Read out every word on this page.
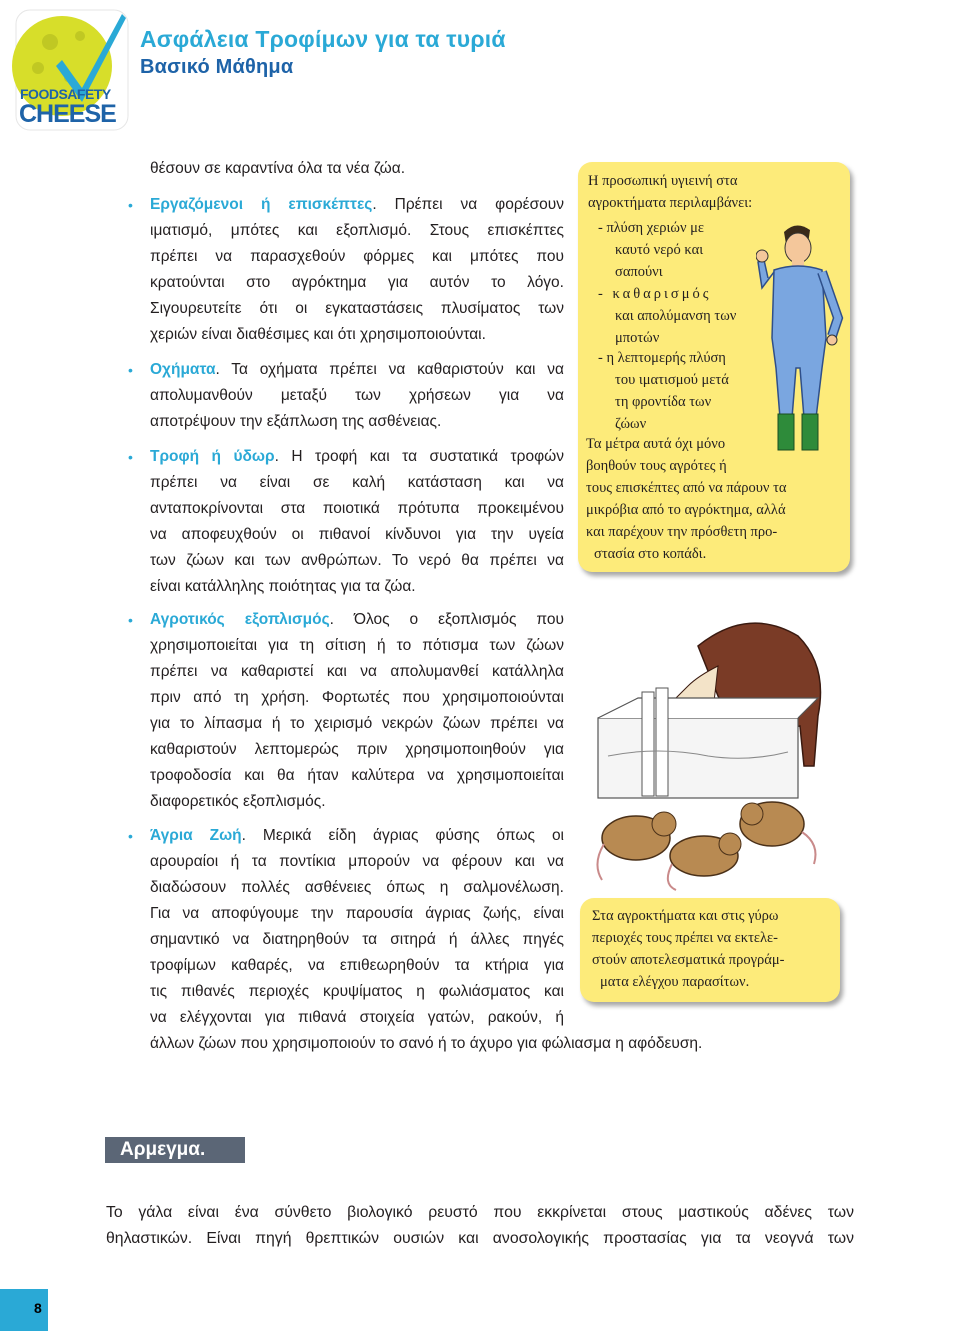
FOODSAFETY
CHEESE
Ασφάλεια Τροφίμων για τα τυριά
Βασικό Μάθημα
θέσουν σε καραντίνα όλα τα νέα ζώα.
• Εργαζόμενοι ή επισκέπτες. Πρέπει να φορέσουν
ιματισμό, μπότες και εξοπλισμό. Στους επισκέπτες
πρέπει να παρασχεθούν φόρμες και μπότες που
κρατούνται στο αγρόκτημα για αυτόν το λόγο.
Σιγουρευτείτε ότι οι εγκαταστάσεις πλυσίματος των
χεριών είναι διαθέσιμες και ότι χρησιμοποιούνται.
• Οχήματα. Τα οχήματα πρέπει να καθαριστούν και να
απολυμανθούν μεταξύ των χρήσεων για να
αποτρέψουν την εξάπλωση της ασθένειας.
• Τροφή ή ύδωρ. Η τροφή και τα συστατικά τροφών
πρέπει να είναι σε καλή κατάσταση και να
ανταποκρίνονται στα ποιοτικά πρότυπα προκειμένου
να αποφευχθούν οι πιθανοί κίνδυνοι για την υγεία
των ζώων και των ανθρώπων. Το νερό θα πρέπει να
είναι κατάλληλης ποιότητας για τα ζώα.
• Αγροτικός εξοπλισμός. Όλος ο εξοπλισμός που
χρησιμοποιείται για τη σίτιση ή το πότισμα των ζώων
πρέπει να καθαριστεί και να απολυμανθεί κατάλληλα
πριν από τη χρήση. Φορτωτές που χρησιμοποιούνται
για το λίπασμα ή το χειρισμό νεκρών ζώων πρέπει να
καθαριστούν λεπτομερώς πριν χρησιμοποιηθούν για
τροφοδοσία και θα ήταν καλύτερα να χρησιμοποιείται
διαφορετικός εξοπλισμός.
• Άγρια Ζωή. Μερικά είδη άγριας φύσης όπως οι
αρουραίοι ή τα ποντίκια μπορούν να φέρουν και να
διαδώσουν πολλές ασθένειες όπως η σαλμονέλωση.
Για να αποφύγουμε την παρουσία άγριας ζωής, είναι
σημαντικό να διατηρηθούν τα σιτηρά ή άλλες πηγές
τροφίμων καθαρές, να επιθεωρηθούν τα κτήρια για
τις πιθανές περιοχές κρυψίματος η φωλιάσματος και
να ελέγχονται για πιθανά στοιχεία γατών, ρακούν, ή
άλλων ζώων που χρησιμοποιούν το σανό ή το άχυρο για φώλιασμα η αφόδευση.
Η προσωπική υγιεινή στα
αγροκτήματα περιλαμβάνει:
- πλύση χεριών με
καυτό νερό και
σαπούνι
- καθαρισμός
και απολύμανση των
μποτών
- η λεπτομερής πλύση
του ιματισμού μετά
τη φροντίδα των
ζώων
Τα μέτρα αυτά όχι μόνο
βοηθούν τους αγρότες ή
τους επισκέπτες από να πάρουν τα
μικρόβια από το αγρόκτημα, αλλά
και παρέχουν την πρόσθετη προ-
στασία στο κοπάδι.
Στα αγροκτήματα και στις γύρω
περιοχές τους πρέπει να εκτελε-
στούν αποτελεσματικά προγράμ-
ματα ελέγχου παρασίτων.
Αρμεγμα.
Το γάλα είναι ένα σύνθετο βιολογικό ρευστό που εκκρίνεται στους μαστικούς αδένες των
θηλαστικών. Είναι πηγή θρεπτικών ουσιών και ανοσολογικής προστασίας για τα νεογνά των
8
